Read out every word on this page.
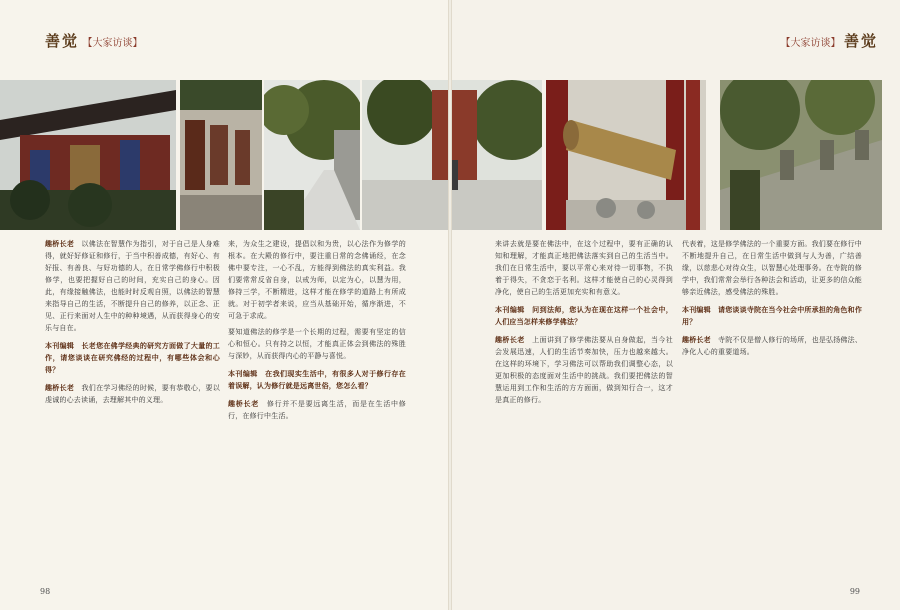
善觉 【大家访谈】

趣桥长老　 以佛法在智慧作为指引，对于自己是人身难得，就好好修证和修行，于当中积善成德，有好心、有好报、有善良、与好功德的人，在日常学佛修行中积极修学，也要把握好自己的时间，充实自己的身心。因此，有缘接触佛法，也能时时反观自照，以佛法的智慧来指导自己的生活，不断提升自己的修养，以正念、正见、正行来面对人生中的种种境遇，从而获得身心的安乐与自在。

本刊编辑　 长老您在佛学经典的研究方面做了大量的工作，请您谈谈在研究佛经的过程中，有哪些体会和心得？

趣桥长老　 我们在学习佛经的时候，要有恭敬心，要以虔诚的心去读诵，去理解其中的义理。

来，为众生之建设，提倡以和为贵，以心法作为修学的根本。在大殿的修行中，要注重日常的念佛诵经，在念佛中要专注，一心不乱，方能得到佛法的真实利益。我们要常常反省自身，以戒为师，以定为心，以慧为用，修持三学，不断精进，这样才能在修学的道路上有所成就。对于初学者来说，应当从基础开始，循序渐进，不可急于求成。

要知道佛法的修学是一个长期的过程，需要有坚定的信心和恒心。只有持之以恒，才能真正体会到佛法的殊胜与深妙，从而获得内心的平静与喜悦。

本刊编辑　 在我们现实生活中，有很多人对于修行存在着误解，认为修行就是远离世俗，您怎么看？

趣桥长老　 修行并不是要远离生活，而是在生活中修行，在修行中生活。

98
【大家访谈】 善觉

来讲去就是要在佛法中，在这个过程中，要有正确的认知和理解，才能真正地把佛法落实到自己的生活当中。我们在日常生活中，要以平常心来对待一切事物，不执着于得失，不贪恋于名利。这样才能使自己的心灵得到净化，使自己的生活更加充实和有意义。

本刊编辑　 问到法师，您认为在现在这样一个社会中，人们应当怎样来修学佛法？

趣桥长老　 上面讲到了修学佛法要从自身做起，当今社会发展迅速，人们的生活节奏加快，压力也越来越大。在这样的环境下，学习佛法可以帮助我们调整心态，以更加积极的态度面对生活中的挑战。我们要把佛法的智慧运用到工作和生活的方方面面，做到知行合一，这才是真正的修行。

代表着，这是修学佛法的一个重要方面。我们要在修行中不断地提升自己，在日常生活中做到与人为善，广结善缘，以慈悲心对待众生，以智慧心处理事务。在寺院的修学中，我们常常会举行各种法会和活动，让更多的信众能够亲近佛法，感受佛法的殊胜。

本刊编辑　 请您谈谈寺院在当今社会中所承担的角色和作用？

趣桥长老　 寺院不仅是僧人修行的场所，也是弘扬佛法、净化人心的重要道场。

99
